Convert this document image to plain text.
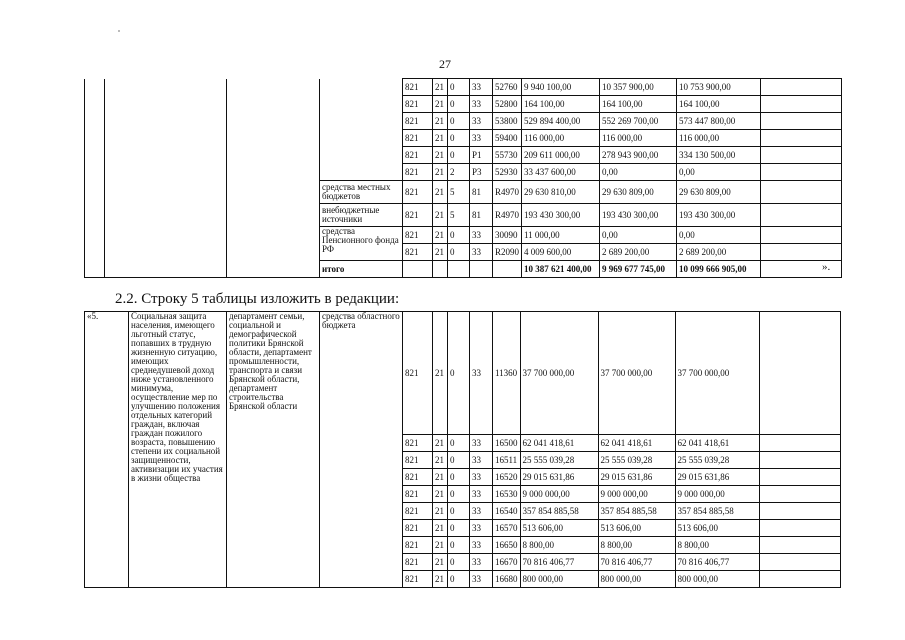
27
				821	21	0	33	52760	9 940 100,00	10 357 900,00	10 753 900,00	
				821	21	0	33	52800	164 100,00	164 100,00	164 100,00	
				821	21	0	33	53800	529 894 400,00	552 269 700,00	573 447 800,00	
				821	21	0	33	59400	116 000,00	116 000,00	116 000,00	
				821	21	0	P1	55730	209 611 000,00	278 943 900,00	334 130 500,00	
				821	21	2	P3	52930	33 437 600,00	0,00	0,00	
			средства местных бюджетов	821	21	5	81	R4970	29 630 810,00	29 630 809,00	29 630 809,00	
			внебюджетные источники	821	21	5	81	R4970	193 430 300,00	193 430 300,00	193 430 300,00	
			средства Пенсионного фонда РФ	821	21	0	33	30090	11 000,00	0,00	0,00	
				821	21	0	33	R2090	4 009 600,00	2 689 200,00	2 689 200,00	
			итого						10 387 621 400,00	9 969 677 745,00	10 099 666 905,00		».
2.2. Строку 5 таблицы изложить в редакции:
«5.	Социальная защита населения, имеющего льготный статус, попавших в трудную жизненную ситуацию, имеющих среднедушевой доход ниже установленного минимума, осуществление мер по улучшению положения отдельных категорий граждан, включая граждан пожилого возраста, повышению степени их социальной защищенности, активизации их участия в жизни общества	департамент семьи, социальной и демографической политики Брянской области, департамент промышленности, транспорта и связи Брянской области, департамент строительства Брянской области	средства областного бюджета	821	21	0	33	11360	37 700 000,00	37 700 000,00	37 700 000,00	
				821	21	0	33	16500	62 041 418,61	62 041 418,61	62 041 418,61	
				821	21	0	33	16511	25 555 039,28	25 555 039,28	25 555 039,28	
				821	21	0	33	16520	29 015 631,86	29 015 631,86	29 015 631,86	
				821	21	0	33	16530	9 000 000,00	9 000 000,00	9 000 000,00	
				821	21	0	33	16540	357 854 885,58	357 854 885,58	357 854 885,58	
				821	21	0	33	16570	513 606,00	513 606,00	513 606,00	
				821	21	0	33	16650	8 800,00	8 800,00	8 800,00	
				821	21	0	33	16670	70 816 406,77	70 816 406,77	70 816 406,77	
				821	21	0	33	16680	800 000,00	800 000,00	800 000,00	
